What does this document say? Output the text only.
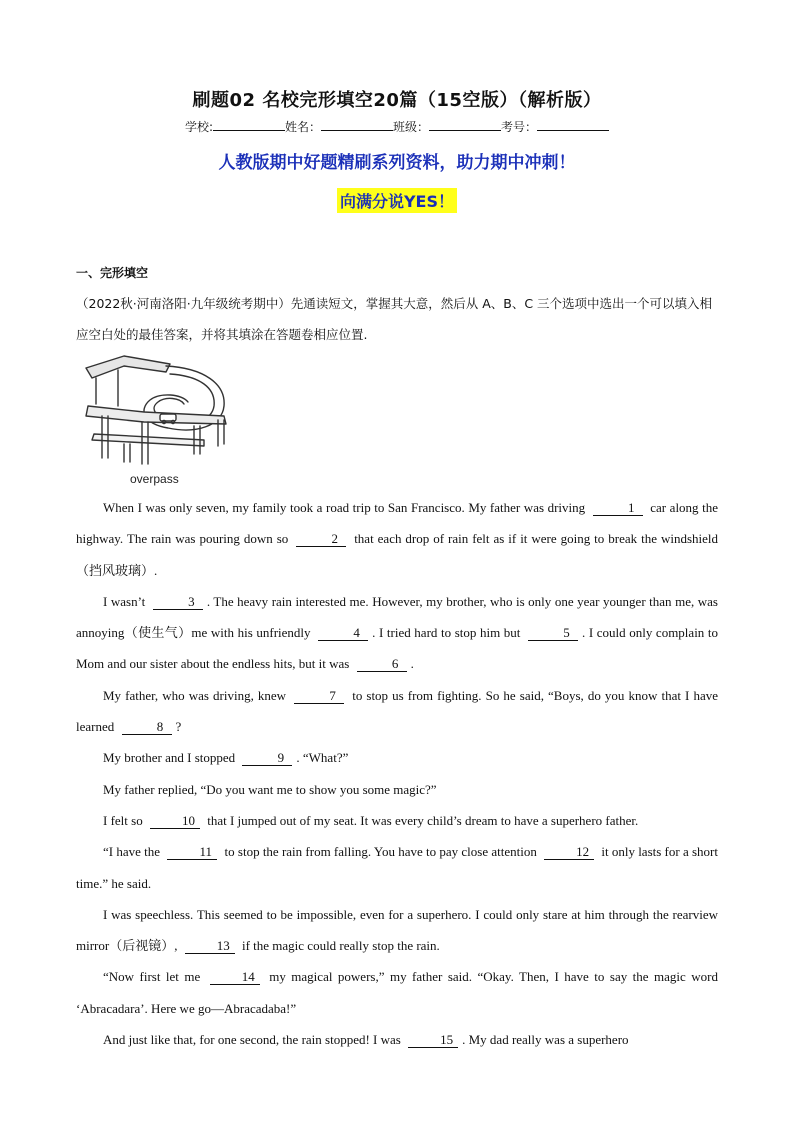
刷题02 名校完形填空20篇（15空版）（解析版）
学校:	姓名：	班级：	考号：
人教版期中好题精刷系列资料，助力期中冲刺！
向满分说YES！
一、完形填空
（2022秋·河南洛阳·九年级统考期中）先通读短文，掌握其大意，然后从 A、B、C 三个选项中选出一个可以填入相应空白处的最佳答案，并将其填涂在答题卷相应位置.
overpass

When I was only seven, my family took a road trip to San Francisco. My father was driving	1 car along the highway. The rain was pouring down so	2 that each drop of rain felt as if it were going to break the windshield（挡风玻璃）.

I wasn’t	3 . The heavy rain interested me. However, my brother, who is only one year younger than me, was annoying（使生气）me with his unfriendly	4 . I tried hard to stop him but	5 . I could only complain to Mom and our sister about the endless hits, but it was	6 .

My father, who was driving, knew	7 to stop us from fighting. So he said, “Boys, do you know that I have learned	8 ?

My brother and I stopped	9 . “What?”

My father replied, “Do you want me to show you some magic?”

I felt so	10 that I jumped out of my seat. It was every child’s dream to have a superhero father.

“I have the	11 to stop the rain from falling. You have to pay close attention	12 it only lasts for a short time.” he said.

I was speechless. This seemed to be impossible, even for a superhero. I could only stare at him through the rearview mirror（后视镜）,	13 if the magic could really stop the rain.

“Now first let me	14 my magical powers,” my father said. “Okay. Then, I have to say the magic word ‘Abracadara’. Here we go—Abracadaba!”

And just like that, for one second, the rain stopped! I was	15 . My dad really was a superhero
